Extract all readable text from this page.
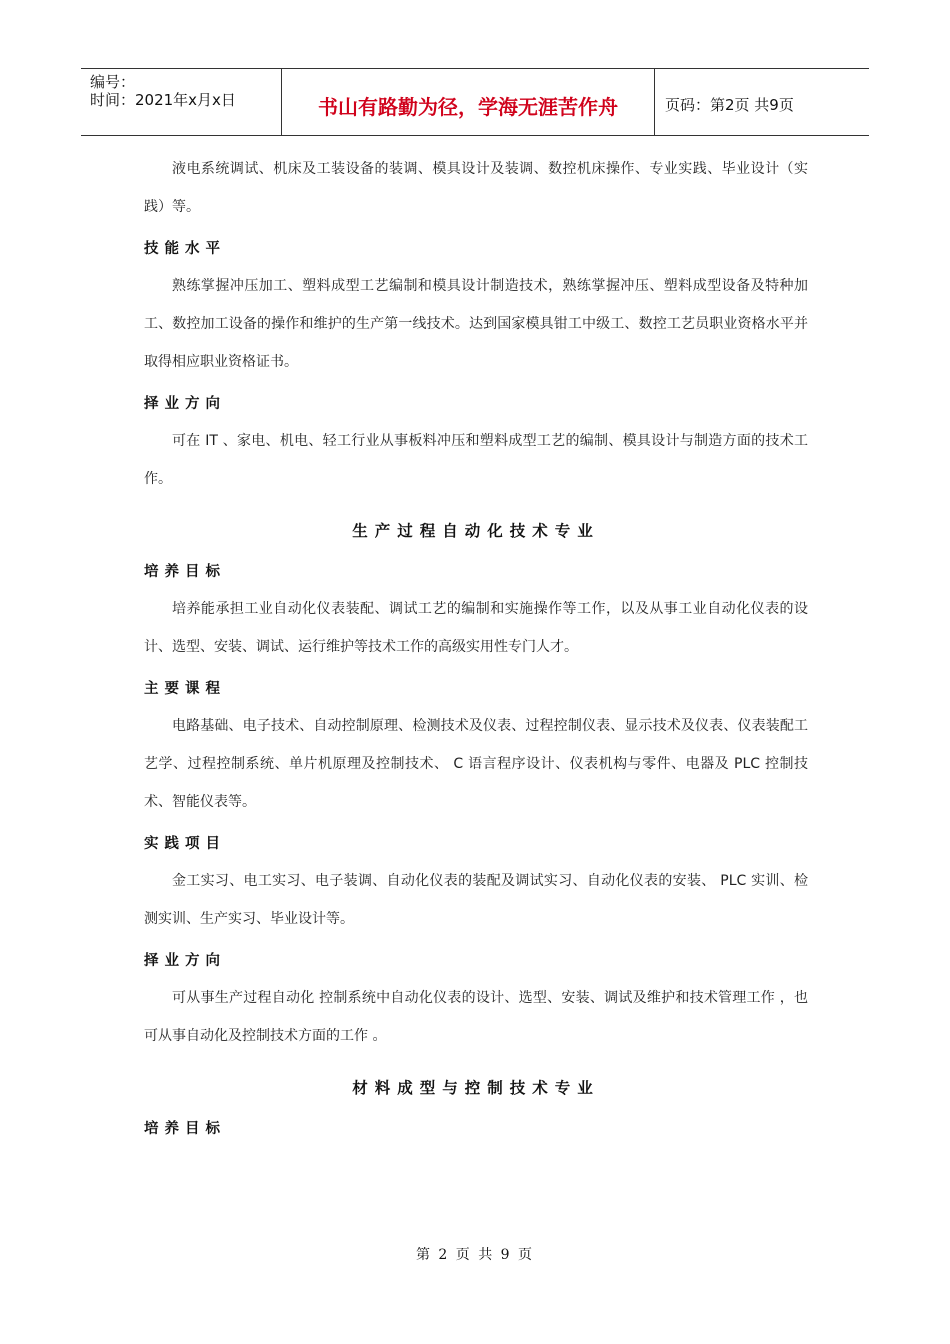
编号：
时间：2021年x月x日	书山有路勤为径，学海无涯苦作舟	页码：第2页 共9页

液电系统调试、机床及工装设备的装调、模具设计及装调、数控机床操作、专业实践、毕业设计（实践）等。

技能水平

熟练掌握冲压加工、塑料成型工艺编制和模具设计制造技术，熟练掌握冲压、塑料成型设备及特种加工、数控加工设备的操作和维护的生产第一线技术。达到国家模具钳工中级工、数控工艺员职业资格水平并取得相应职业资格证书。

择业方向

可在 IT 、家电、机电、轻工行业从事板料冲压和塑料成型工艺的编制、模具设计与制造方面的技术工作。

生产过程自动化技术专业
培养目标

培养能承担工业自动化仪表装配、调试工艺的编制和实施操作等工作，以及从事工业自动化仪表的设计、选型、安装、调试、运行维护等技术工作的高级实用性专门人才。

主要课程

电路基础、电子技术、自动控制原理、检测技术及仪表、过程控制仪表、显示技术及仪表、仪表装配工艺学、过程控制系统、单片机原理及控制技术、 C 语言程序设计、仪表机构与零件、电器及 PLC 控制技术、智能仪表等。

实践项目

金工实习、电工实习、电子装调、自动化仪表的装配及调试实习、自动化仪表的安装、 PLC 实训、检测实训、生产实习、毕业设计等。

择业方向

可从事生产过程自动化 控制系统中自动化仪表的设计、选型、安装、调试及维护和技术管理工作 ，也可从事自动化及控制技术方面的工作 。

材料成型与控制技术专业
培养目标
第 2 页 共 9 页
